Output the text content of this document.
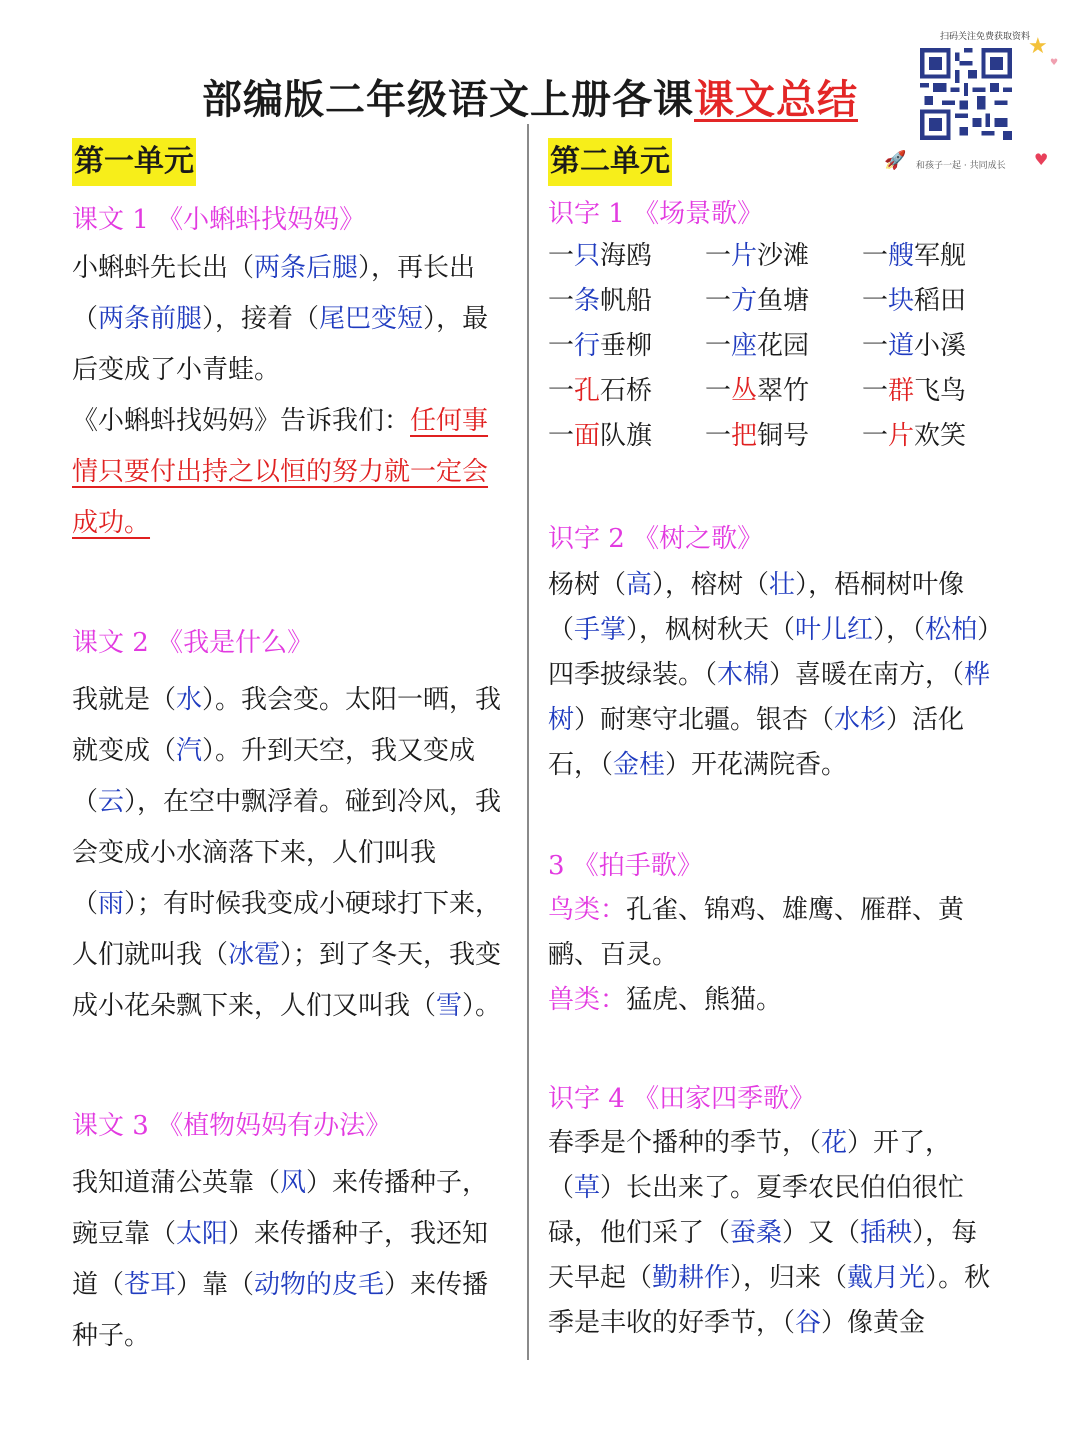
部编版二年级语文上册各课课文总结
★
♥
扫码关注免费获取资料
🚀 和孩子一起 · 共同成长 ♥
第一单元

课文 1 《小蝌蚪找妈妈》

小蝌蚪先长出（两条后腿），再长出（两条前腿），接着（尾巴变短），最后变成了小青蛙。

《小蝌蚪找妈妈》告诉我们：任何事情只要付出持之以恒的努力就一定会成功。

课文 2 《我是什么》

我就是（水）。我会变。太阳一晒，我就变成（汽）。升到天空，我又变成（云），在空中飘浮着。碰到冷风，我会变成小水滴落下来，人们叫我（雨）；有时候我变成小硬球打下来，人们就叫我（冰雹）；到了冬天，我变成小花朵飘下来，人们又叫我（雪）。

课文 3 《植物妈妈有办法》

我知道蒲公英靠（风）来传播种子，豌豆靠（太阳）来传播种子，我还知道（苍耳）靠（动物的皮毛）来传播种子。

第二单元

识字 1 《场景歌》

一只海鸥	一片沙滩	一艘军舰
一条帆船	一方鱼塘	一块稻田
一行垂柳	一座花园	一道小溪
一孔石桥	一丛翠竹	一群飞鸟
一面队旗	一把铜号	一片欢笑

识字 2 《树之歌》

杨树（高），榕树（壮），梧桐树叶像（手掌），枫树秋天（叶儿红），（松柏）四季披绿装。（木棉）喜暖在南方，（桦树）耐寒守北疆。银杏（水杉）活化石，（金桂）开花满院香。

3 《拍手歌》

鸟类：孔雀、锦鸡、雄鹰、雁群、黄鹂、百灵。

兽类：猛虎、熊猫。

识字 4 《田家四季歌》

春季是个播种的季节，（花）开了，（草）长出来了。夏季农民伯伯很忙碌，他们采了（蚕桑）又（插秧），每天早起（勤耕作），归来（戴月光）。秋季是丰收的好季节，（谷）像黄金
